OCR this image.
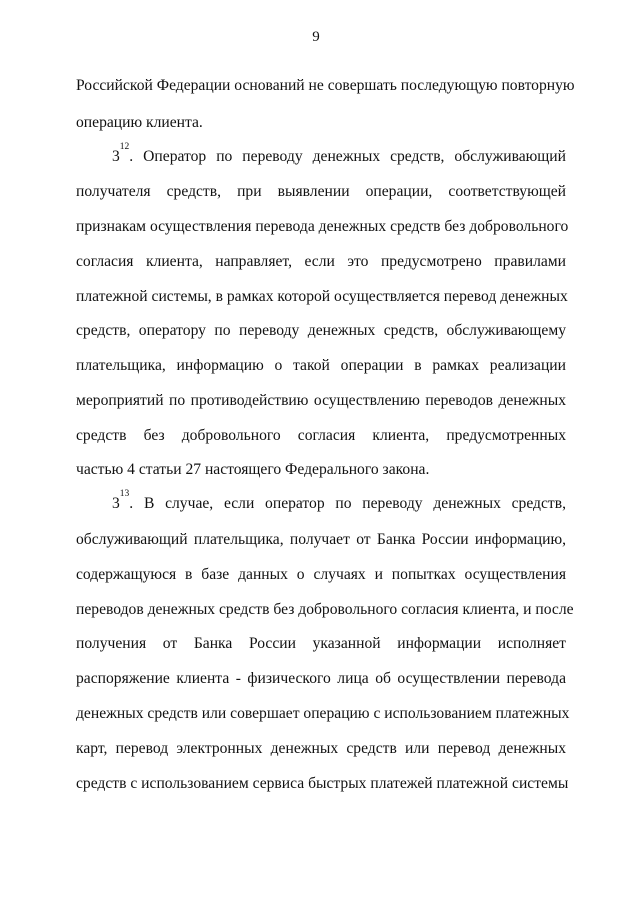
9
Российской Федерации оснований не совершать последующую повторную
операцию клиента.
$3^{12}$. Оператор по переводу денежных средств, обслуживающий
получателя средств, при выявлении операции, соответствующей
признакам осуществления перевода денежных средств без добровольного
согласия клиента, направляет, если это предусмотрено правилами
платежной системы, в рамках которой осуществляется перевод денежных
средств, оператору по переводу денежных средств, обслуживающему
плательщика, информацию о такой операции в рамках реализации
мероприятий по противодействию осуществлению переводов денежных
средств без добровольного согласия клиента, предусмотренных
частью 4 статьи 27 настоящего Федерального закона.
$3^{13}$. В случае, если оператор по переводу денежных средств,
обслуживающий плательщика, получает от Банка России информацию,
содержащуюся в базе данных о случаях и попытках осуществления
переводов денежных средств без добровольного согласия клиента, и после
получения от Банка России указанной информации исполняет
распоряжение клиента - физического лица об осуществлении перевода
денежных средств или совершает операцию с использованием платежных
карт, перевод электронных денежных средств или перевод денежных
средств с использованием сервиса быстрых платежей платежной системы
